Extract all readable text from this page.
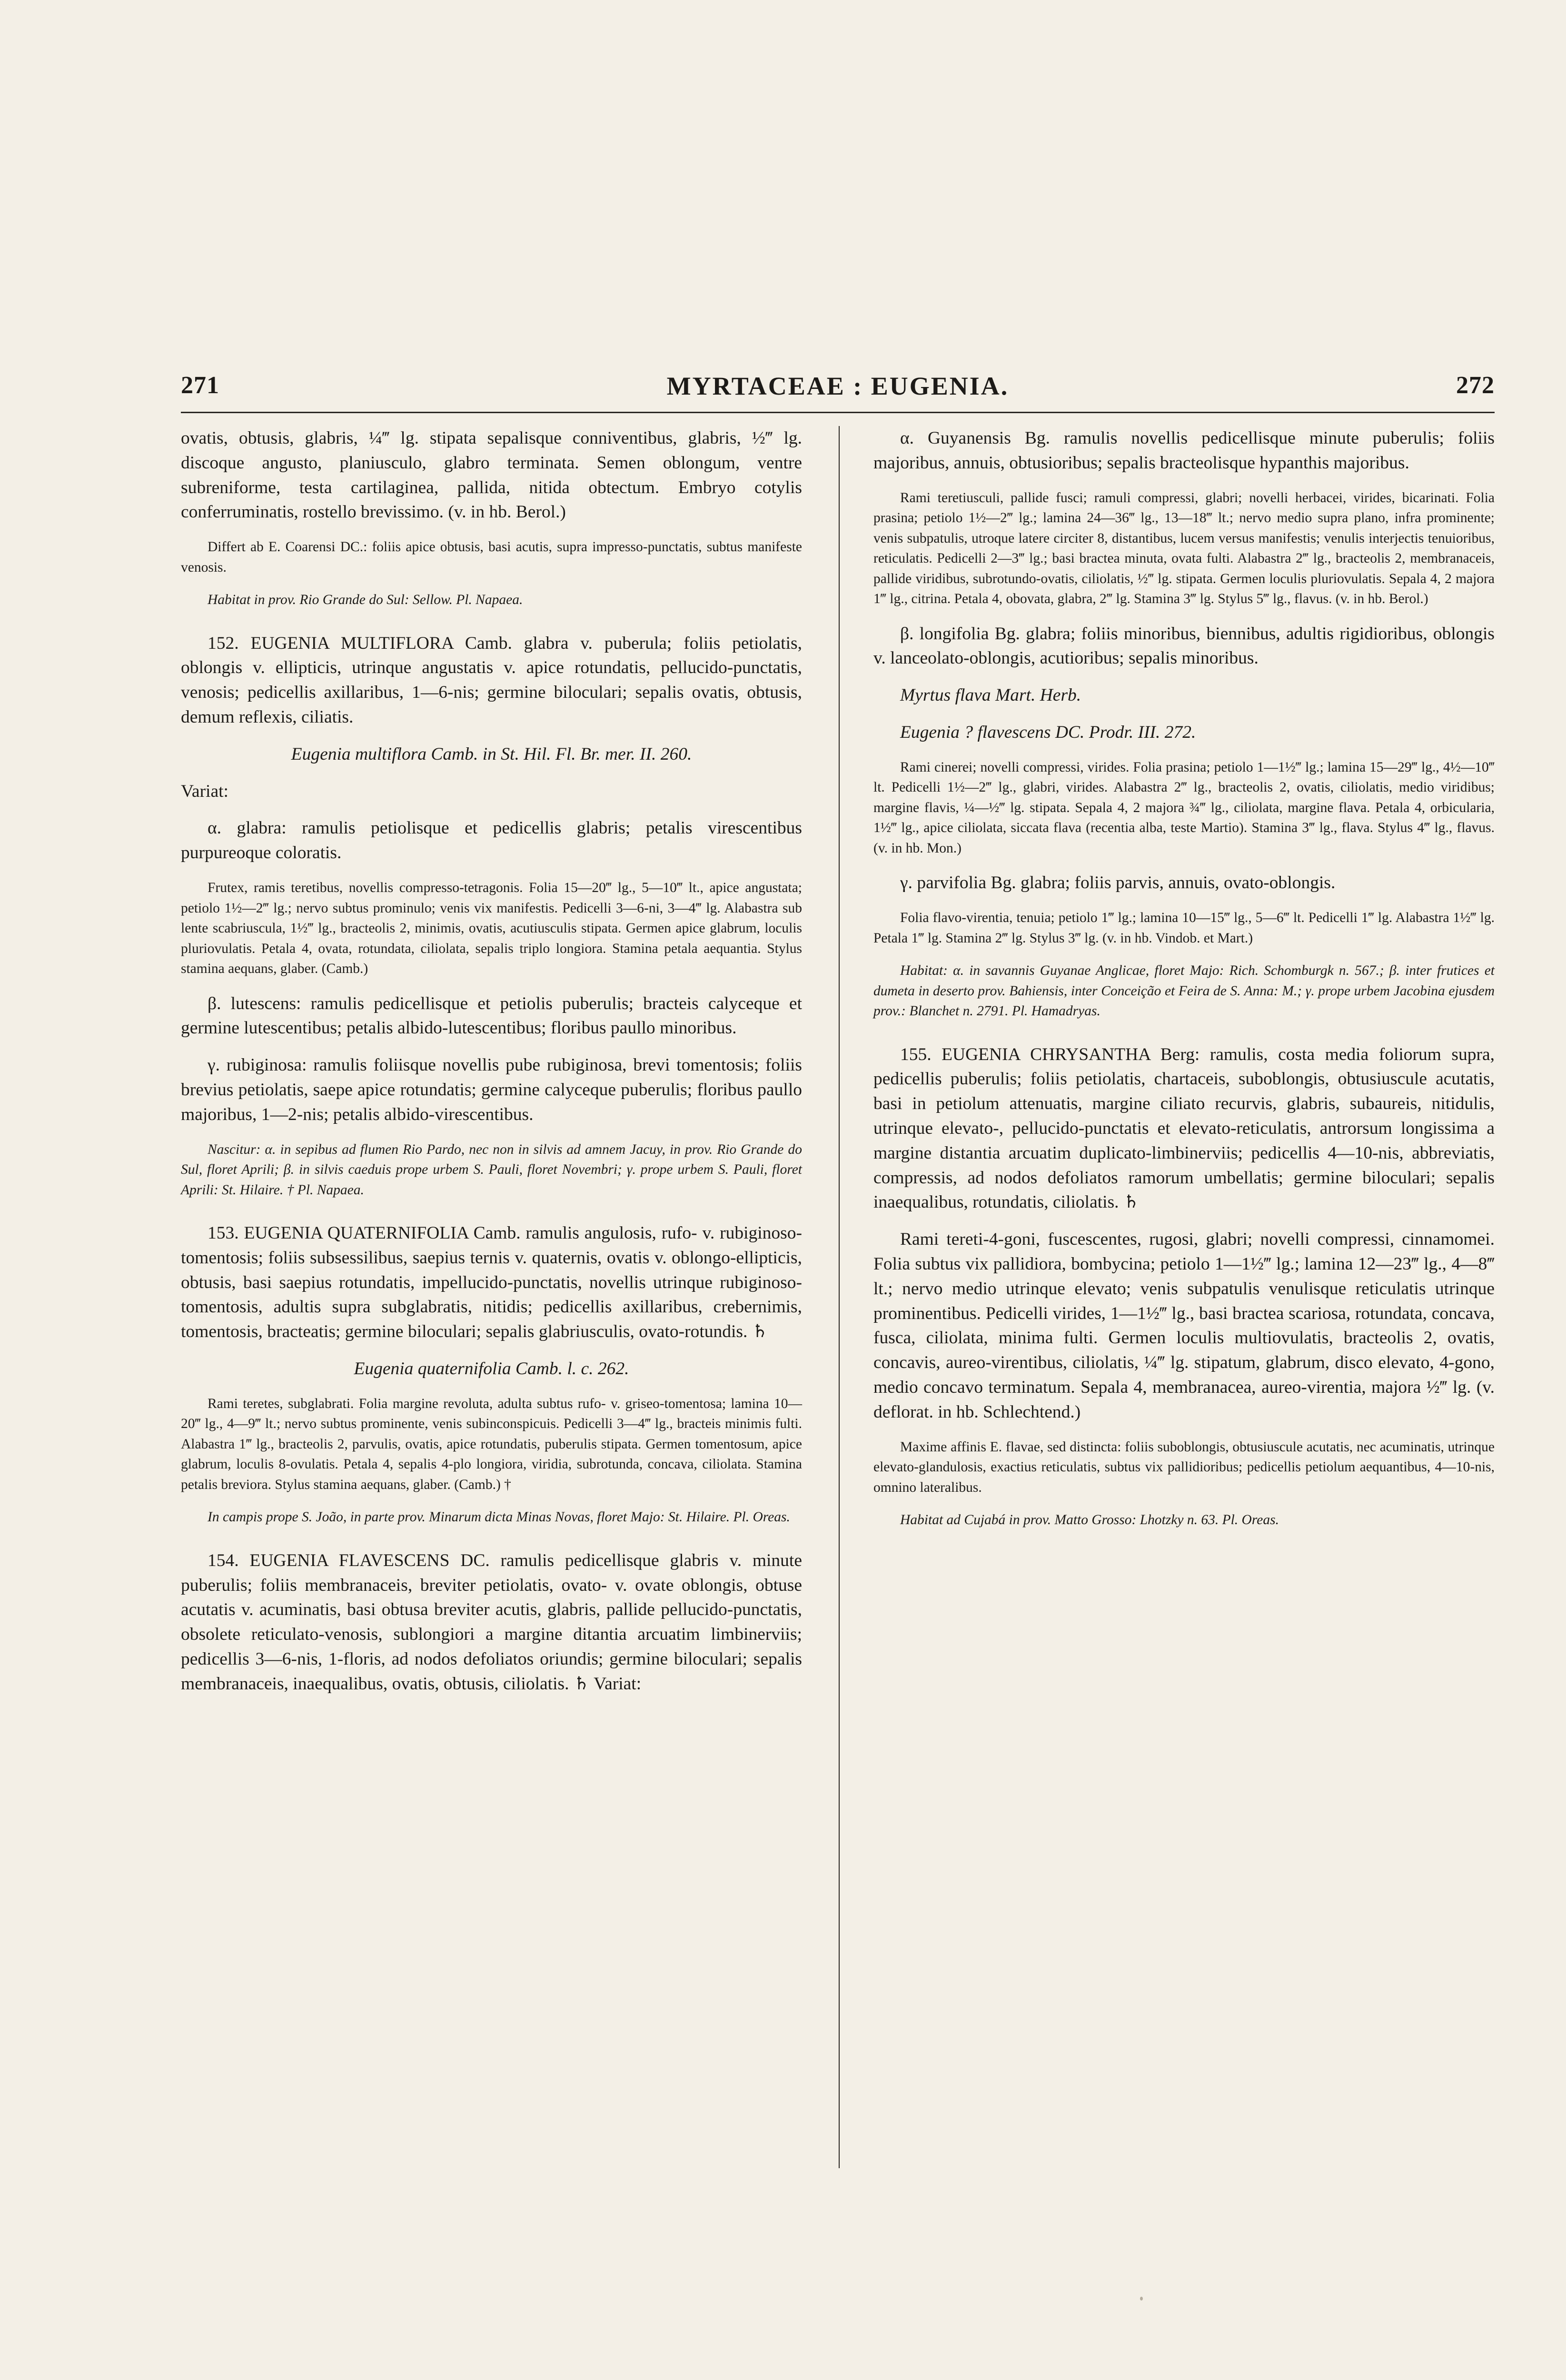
271	MYRTACEAE : EUGENIA.	272

ovatis, obtusis, glabris, ¼‴ lg. stipata sepalisque conniventibus, glabris, ½‴ lg. discoque angusto, planiusculo, glabro terminata. Semen oblongum, ventre subreniforme, testa cartilaginea, pallida, nitida obtectum. Embryo cotylis conferruminatis, rostello brevissimo. (v. in hb. Berol.)

Differt ab E. Coarensi DC.: foliis apice obtusis, basi acutis, supra impresso-punctatis, subtus manifeste venosis.

Habitat in prov. Rio Grande do Sul: Sellow. Pl. Napaea.

152. EUGENIA MULTIFLORA Camb. glabra v. puberula; foliis petiolatis, oblongis v. ellipticis, utrinque angustatis v. apice rotundatis, pellucido-punctatis, venosis; pedicellis axillaribus, 1—6-nis; germine biloculari; sepalis ovatis, obtusis, demum reflexis, ciliatis.

Eugenia multiflora Camb. in St. Hil. Fl. Br. mer. II. 260.

Variat:

α. glabra: ramulis petiolisque et pedicellis glabris; petalis virescentibus purpureoque coloratis.

Frutex, ramis teretibus, novellis compresso-tetragonis. Folia 15—20‴ lg., 5—10‴ lt., apice angustata; petiolo 1½—2‴ lg.; nervo subtus prominulo; venis vix manifestis. Pedicelli 3—6-ni, 3—4‴ lg. Alabastra sub lente scabriuscula, 1½‴ lg., bracteolis 2, minimis, ovatis, acutiusculis stipata. Germen apice glabrum, loculis pluriovulatis. Petala 4, ovata, rotundata, ciliolata, sepalis triplo longiora. Stamina petala aequantia. Stylus stamina aequans, glaber. (Camb.)

β. lutescens: ramulis pedicellisque et petiolis puberulis; bracteis calyceque et germine lutescentibus; petalis albido-lutescentibus; floribus paullo minoribus.

γ. rubiginosa: ramulis foliisque novellis pube rubiginosa, brevi tomentosis; foliis brevius petiolatis, saepe apice rotundatis; germine calyceque puberulis; floribus paullo majoribus, 1—2-nis; petalis albido-virescentibus.

Nascitur: α. in sepibus ad flumen Rio Pardo, nec non in silvis ad amnem Jacuy, in prov. Rio Grande do Sul, floret Aprili; β. in silvis caeduis prope urbem S. Pauli, floret Novembri; γ. prope urbem S. Pauli, floret Aprili: St. Hilaire. † Pl. Napaea.

153. EUGENIA QUATERNIFOLIA Camb. ramulis angulosis, rufo- v. rubiginoso-tomentosis; foliis subsessilibus, saepius ternis v. quaternis, ovatis v. oblongo-ellipticis, obtusis, basi saepius rotundatis, impellucido-punctatis, novellis utrinque rubiginoso-tomentosis, adultis supra subglabratis, nitidis; pedicellis axillaribus, crebernimis, tomentosis, bracteatis; germine biloculari; sepalis glabriusculis, ovato-rotundis. ♄

Eugenia quaternifolia Camb. l. c. 262.

Rami teretes, subglabrati. Folia margine revoluta, adulta subtus rufo- v. griseo-tomentosa; lamina 10—20‴ lg., 4—9‴ lt.; nervo subtus prominente, venis subinconspicuis. Pedicelli 3—4‴ lg., bracteis minimis fulti. Alabastra 1‴ lg., bracteolis 2, parvulis, ovatis, apice rotundatis, puberulis stipata. Germen tomentosum, apice glabrum, loculis 8-ovulatis. Petala 4, sepalis 4-plo longiora, viridia, subrotunda, concava, ciliolata. Stamina petalis breviora. Stylus stamina aequans, glaber. (Camb.) †

In campis prope S. João, in parte prov. Minarum dicta Minas Novas, floret Majo: St. Hilaire. Pl. Oreas.

154. EUGENIA FLAVESCENS DC. ramulis pedicellisque glabris v. minute puberulis; foliis membranaceis, breviter petiolatis, ovato- v. ovate oblongis, obtuse acutatis v. acuminatis, basi obtusa breviter acutis, glabris, pallide pellucido-punctatis, obsolete reticulato-venosis, sublongiori a margine ditantia arcuatim limbinerviis; pedicellis 3—6-nis, 1-floris, ad nodos defoliatos oriundis; germine biloculari; sepalis membranaceis, inaequalibus, ovatis, obtusis, ciliolatis. ♄ Variat:

α. Guyanensis Bg. ramulis novellis pedicellisque minute puberulis; foliis majoribus, annuis, obtusioribus; sepalis bracteolisque hypanthis majoribus.

Rami teretiusculi, pallide fusci; ramuli compressi, glabri; novelli herbacei, virides, bicarinati. Folia prasina; petiolo 1½—2‴ lg.; lamina 24—36‴ lg., 13—18‴ lt.; nervo medio supra plano, infra prominente; venis subpatulis, utroque latere circiter 8, distantibus, lucem versus manifestis; venulis interjectis tenuioribus, reticulatis. Pedicelli 2—3‴ lg.; basi bractea minuta, ovata fulti. Alabastra 2‴ lg., bracteolis 2, membranaceis, pallide viridibus, subrotundo-ovatis, ciliolatis, ½‴ lg. stipata. Germen loculis pluriovulatis. Sepala 4, 2 majora 1‴ lg., citrina. Petala 4, obovata, glabra, 2‴ lg. Stamina 3‴ lg. Stylus 5‴ lg., flavus. (v. in hb. Berol.)

β. longifolia Bg. glabra; foliis minoribus, biennibus, adultis rigidioribus, oblongis v. lanceolato-oblongis, acutioribus; sepalis minoribus.

Myrtus flava Mart. Herb.

Eugenia ? flavescens DC. Prodr. III. 272.

Rami cinerei; novelli compressi, virides. Folia prasina; petiolo 1—1½‴ lg.; lamina 15—29‴ lg., 4½—10‴ lt. Pedicelli 1½—2‴ lg., glabri, virides. Alabastra 2‴ lg., bracteolis 2, ovatis, ciliolatis, medio viridibus; margine flavis, ¼—½‴ lg. stipata. Sepala 4, 2 majora ¾‴ lg., ciliolata, margine flava. Petala 4, orbicularia, 1½‴ lg., apice ciliolata, siccata flava (recentia alba, teste Martio). Stamina 3‴ lg., flava. Stylus 4‴ lg., flavus. (v. in hb. Mon.)

γ. parvifolia Bg. glabra; foliis parvis, annuis, ovato-oblongis.

Folia flavo-virentia, tenuia; petiolo 1‴ lg.; lamina 10—15‴ lg., 5—6‴ lt. Pedicelli 1‴ lg. Alabastra 1½‴ lg. Petala 1‴ lg. Stamina 2‴ lg. Stylus 3‴ lg. (v. in hb. Vindob. et Mart.)

Habitat: α. in savannis Guyanae Anglicae, floret Majo: Rich. Schomburgk n. 567.; β. inter frutices et dumeta in deserto prov. Bahiensis, inter Conceição et Feira de S. Anna: M.; γ. prope urbem Jacobina ejusdem prov.: Blanchet n. 2791. Pl. Hamadryas.

155. EUGENIA CHRYSANTHA Berg: ramulis, costa media foliorum supra, pedicellis puberulis; foliis petiolatis, chartaceis, suboblongis, obtusiuscule acutatis, basi in petiolum attenuatis, margine ciliato recurvis, glabris, subaureis, nitidulis, utrinque elevato-, pellucido-punctatis et elevato-reticulatis, antrorsum longissima a margine distantia arcuatim duplicato-limbinerviis; pedicellis 4—10-nis, abbreviatis, compressis, ad nodos defoliatos ramorum umbellatis; germine biloculari; sepalis inaequalibus, rotundatis, ciliolatis. ♄

Rami tereti-4-goni, fuscescentes, rugosi, glabri; novelli compressi, cinnamomei. Folia subtus vix pallidiora, bombycina; petiolo 1—1½‴ lg.; lamina 12—23‴ lg., 4—8‴ lt.; nervo medio utrinque elevato; venis subpatulis venulisque reticulatis utrinque prominentibus. Pedicelli virides, 1—1½‴ lg., basi bractea scariosa, rotundata, concava, fusca, ciliolata, minima fulti. Germen loculis multiovulatis, bracteolis 2, ovatis, concavis, aureo-virentibus, ciliolatis, ¼‴ lg. stipatum, glabrum, disco elevato, 4-gono, medio concavo terminatum. Sepala 4, membranacea, aureo-virentia, majora ½‴ lg. (v. deflorat. in hb. Schlechtend.)

Maxime affinis E. flavae, sed distincta: foliis suboblongis, obtusiuscule acutatis, nec acuminatis, utrinque elevato-glandulosis, exactius reticulatis, subtus vix pallidioribus; pedicellis petiolum aequantibus, 4—10-nis, omnino lateralibus.

Habitat ad Cujabá in prov. Matto Grosso: Lhotzky n. 63. Pl. Oreas.
